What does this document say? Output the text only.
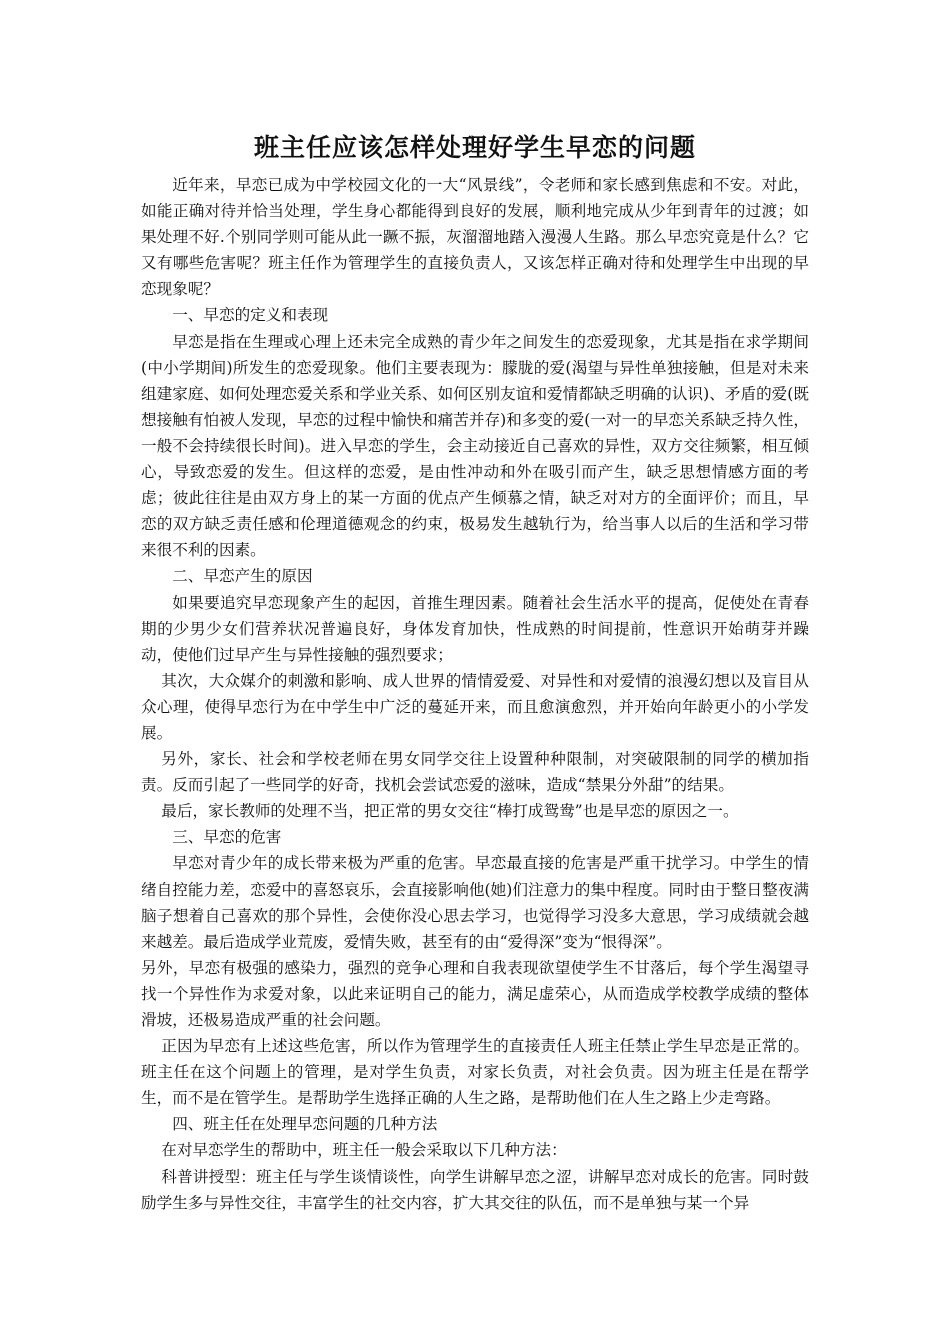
班主任应该怎样处理好学生早恋的问题

近年来，早恋已成为中学校园文化的一大“风景线”，令老师和家长感到焦虑和不安。对此，如能正确对待并恰当处理，学生身心都能得到良好的发展，顺利地完成从少年到青年的过渡；如果处理不好.个别同学则可能从此一蹶不振，灰溜溜地踏入漫漫人生路。那么早恋究竟是什么？它又有哪些危害呢？班主任作为管理学生的直接负责人，又该怎样正确对待和处理学生中出现的早恋现象呢？

一、早恋的定义和表现

早恋是指在生理或心理上还未完全成熟的青少年之间发生的恋爱现象，尤其是指在求学期间(中小学期间)所发生的恋爱现象。他们主要表现为：朦胧的爱(渴望与异性单独接触，但是对未来组建家庭、如何处理恋爱关系和学业关系、如何区别友谊和爱情都缺乏明确的认识)、矛盾的爱(既想接触有怕被人发现，早恋的过程中愉快和痛苦并存)和多变的爱(一对一的早恋关系缺乏持久性，一般不会持续很长时间)。进入早恋的学生，会主动接近自己喜欢的异性，双方交往频繁，相互倾心，导致恋爱的发生。但这样的恋爱，是由性冲动和外在吸引而产生，缺乏思想情感方面的考虑；彼此往往是由双方身上的某一方面的优点产生倾慕之情，缺乏对对方的全面评价；而且，早恋的双方缺乏责任感和伦理道德观念的约束，极易发生越轨行为，给当事人以后的生活和学习带来很不利的因素。

二、早恋产生的原因

如果要追究早恋现象产生的起因，首推生理因素。随着社会生活水平的提高，促使处在青春期的少男少女们营养状况普遍良好，身体发育加快，性成熟的时间提前，性意识开始萌芽并躁动，使他们过早产生与异性接触的强烈要求；

其次，大众媒介的刺激和影响、成人世界的情情爱爱、对异性和对爱情的浪漫幻想以及盲目从众心理，使得早恋行为在中学生中广泛的蔓延开来，而且愈演愈烈，并开始向年龄更小的小学发展。

另外，家长、社会和学校老师在男女同学交往上设置种种限制，对突破限制的同学的横加指责。反而引起了一些同学的好奇，找机会尝试恋爱的滋味，造成“禁果分外甜”的结果。

最后，家长教师的处理不当，把正常的男女交往“棒打成鸳鸯”也是早恋的原因之一。

三、早恋的危害

早恋对青少年的成长带来极为严重的危害。早恋最直接的危害是严重干扰学习。中学生的情绪自控能力差，恋爱中的喜怒哀乐，会直接影响他(她)们注意力的集中程度。同时由于整日整夜满脑子想着自己喜欢的那个异性，会使你没心思去学习，也觉得学习没多大意思，学习成绩就会越来越差。最后造成学业荒废，爱情失败，甚至有的由“爱得深”变为“恨得深”。

另外，早恋有极强的感染力，强烈的竞争心理和自我表现欲望使学生不甘落后，每个学生渴望寻找一个异性作为求爱对象，以此来证明自己的能力，满足虚荣心，从而造成学校教学成绩的整体滑坡，还极易造成严重的社会问题。

正因为早恋有上述这些危害，所以作为管理学生的直接责任人班主任禁止学生早恋是正常的。班主任在这个问题上的管理，是对学生负责，对家长负责，对社会负责。因为班主任是在帮学生，而不是在管学生。是帮助学生选择正确的人生之路，是帮助他们在人生之路上少走弯路。

四、班主任在处理早恋问题的几种方法

在对早恋学生的帮助中，班主任一般会采取以下几种方法：

科普讲授型：班主任与学生谈情谈性，向学生讲解早恋之涩，讲解早恋对成长的危害。同时鼓励学生多与异性交往，丰富学生的社交内容，扩大其交往的队伍，而不是单独与某一个异
